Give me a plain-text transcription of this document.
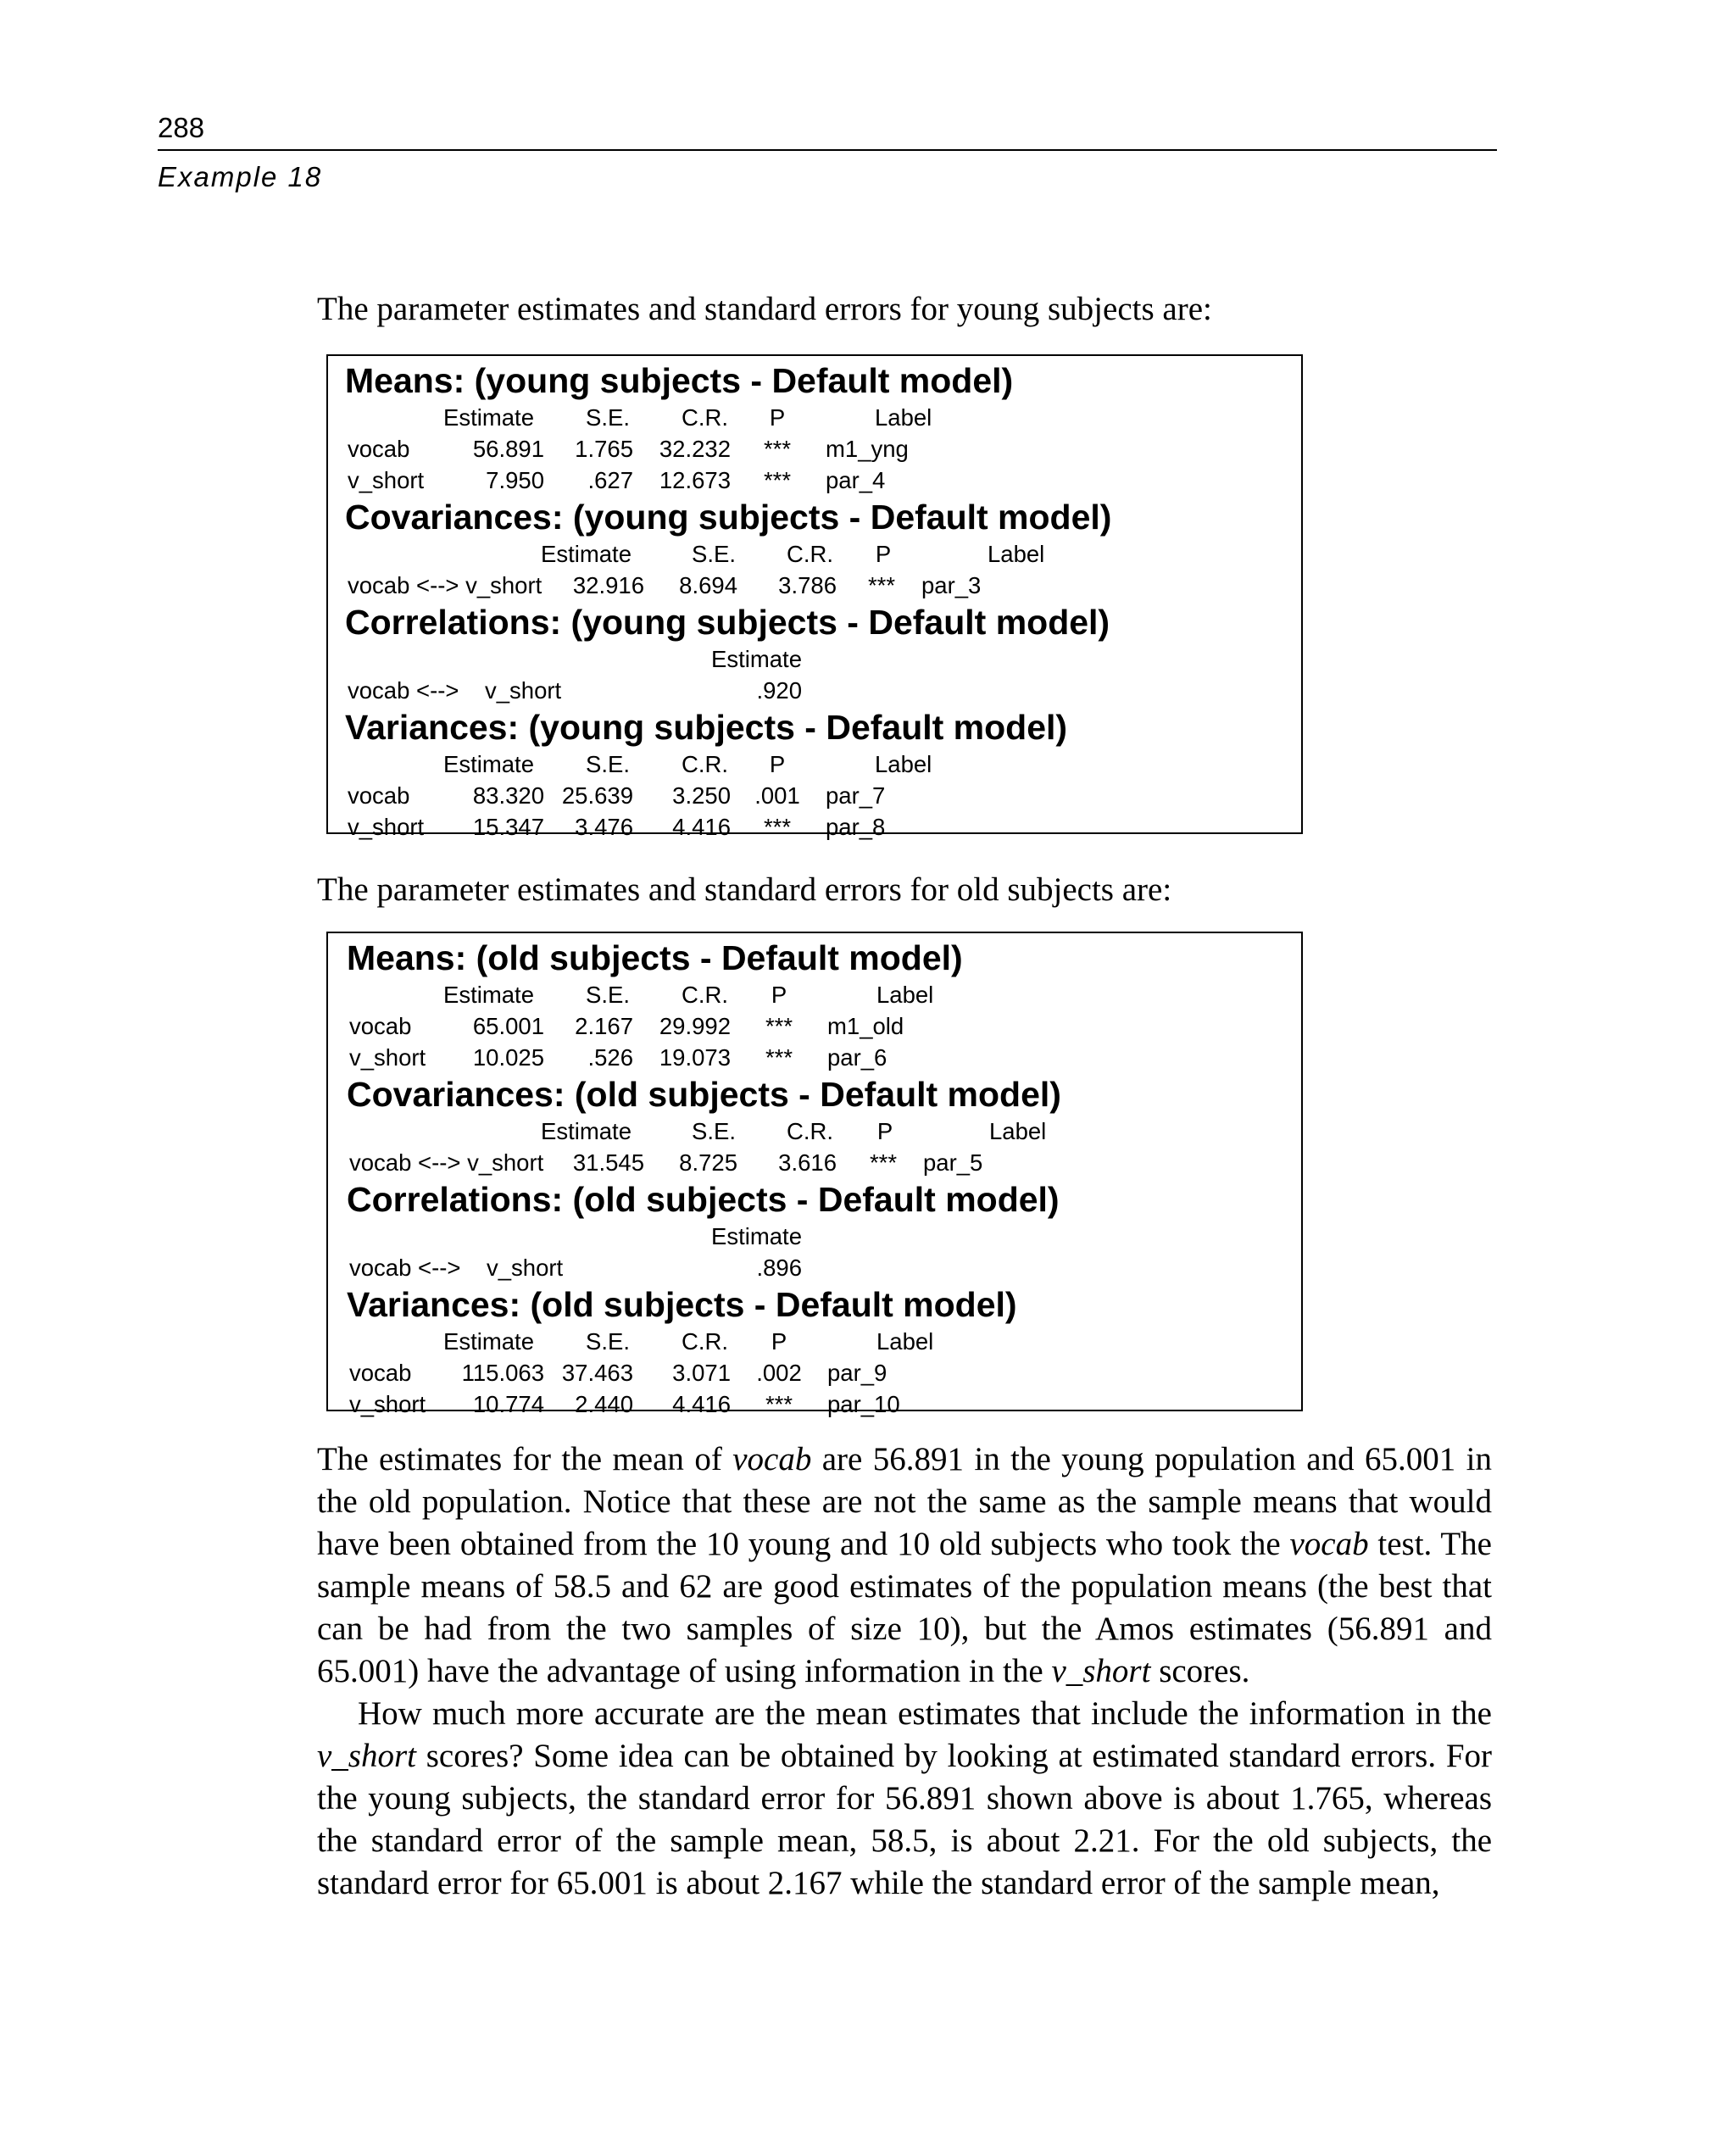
288
Example 18
The parameter estimates and standard errors for young subjects are:
Means: (young subjects - Default model)
Estimate S.E. C.R. P	Label
vocab	56.891 1.765 32.232 *** m1_yng
v_short	7.950 .627 12.673 *** par_4
Covariances: (young subjects - Default model)
Estimate	S.E. C.R. P	Label
vocab <--> v_short 32.916 8.694 3.786 *** par_3
Correlations: (young subjects - Default model)
Estimate
vocab <--> v_short	.920
Variances: (young subjects - Default model)
Estimate S.E. C.R. P	Label
vocab	83.320 25.639 3.250 .001 par_7
v_short 15.347 3.476 4.416 *** par_8
The parameter estimates and standard errors for old subjects are:
Means: (old subjects - Default model)
Estimate S.E. C.R. P	Label
vocab	65.001 2.167 29.992 *** m1_old
v_short 10.025 .526 19.073 *** par_6
Covariances: (old subjects - Default model)
Estimate	S.E. C.R. P	Label
vocab <--> v_short 31.545 8.725 3.616 *** par_5
Correlations: (old subjects - Default model)
Estimate
vocab <--> v_short	.896
Variances: (old subjects - Default model)
Estimate S.E. C.R. P	Label
vocab 115.063 37.463 3.071 .002 par_9
v_short 10.774 2.440 4.416 *** par_10

The estimates for the mean of vocab are 56.891 in the young population and 65.001 in the old population. Notice that these are not the same as the sample means that would have been obtained from the 10 young and 10 old subjects who took the vocab test. The sample means of 58.5 and 62 are good estimates of the population means (the best that can be had from the two samples of size 10), but the Amos estimates (56.891 and 65.001) have the advantage of using information in the v_short scores.

How much more accurate are the mean estimates that include the information in the v_short scores? Some idea can be obtained by looking at estimated standard errors. For the young subjects, the standard error for 56.891 shown above is about 1.765, whereas the standard error of the sample mean, 58.5, is about 2.21. For the old subjects, the standard error for 65.001 is about 2.167 while the standard error of the sample mean,
